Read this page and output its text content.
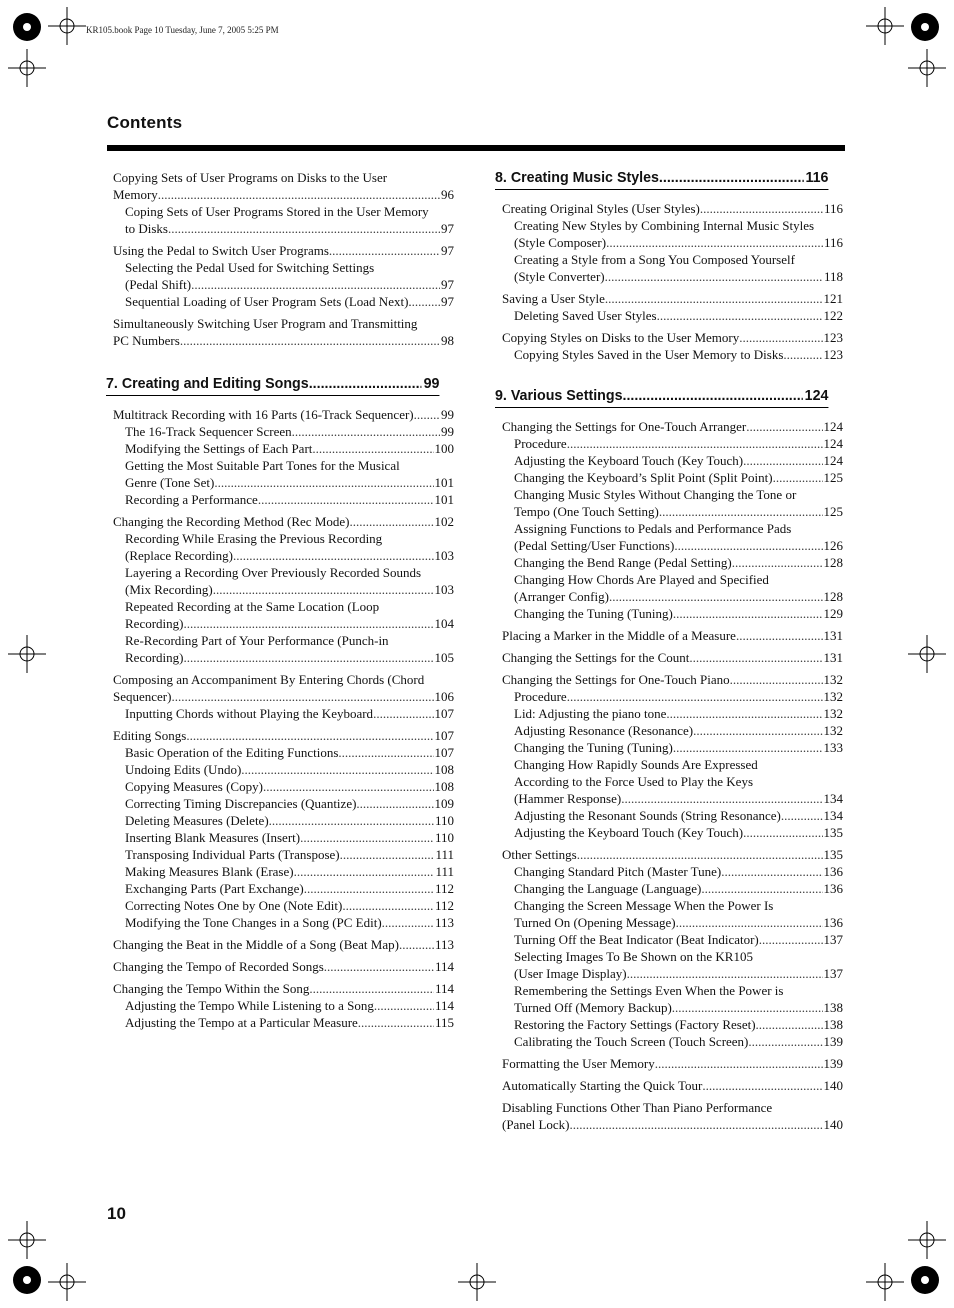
KR105.book Page 10 Tuesday, June 7, 2005 5:25 PM
Contents
Copying Sets of User Programs on Disks to the User
Memory .....	96
Coping Sets of User Programs Stored in the User Memory
to Disks .....	97
Using the Pedal to Switch User Programs .....	97
Selecting the Pedal Used for Switching Settings
(Pedal Shift) .....	97
Sequential Loading of User Program Sets (Load Next). ..... 97
Simultaneously Switching User Program and Transmitting
PC Numbers .....	98
7. Creating and Editing Songs .....	99
Multitrack Recording with 16 Parts (16-Track Sequencer) ..... 99
The 16-Track Sequencer Screen .....	99
Modifying the Settings of Each Part .....	100
Getting the Most Suitable Part Tones for the Musical
Genre (Tone Set) .....	101
Recording a Performance .....	101
Changing the Recording Method (Rec Mode) .....	102
Recording While Erasing the Previous Recording
(Replace Recording) .....	103
Layering a Recording Over Previously Recorded Sounds
(Mix Recording) .....	103
Repeated Recording at the Same Location (Loop
Recording) .....	104
Re-Recording Part of Your Performance (Punch-in
Recording) .....	105
Composing an Accompaniment By Entering Chords (Chord
Sequencer) .....	106
Inputting Chords without Playing the Keyboard .....	107
Editing Songs .....	107
Basic Operation of the Editing Functions .....	107
Undoing Edits (Undo) .....	108
Copying Measures (Copy) .....	108
Correcting Timing Discrepancies (Quantize) .....	109
Deleting Measures (Delete) .....	110
Inserting Blank Measures (Insert) .....	110
Transposing Individual Parts (Transpose) .....	111
Making Measures Blank (Erase) .....	111
Exchanging Parts (Part Exchange) .....	112
Correcting Notes One by One (Note Edit) .....	112
Modifying the Tone Changes in a Song (PC Edit) .....	113
Changing the Beat in the Middle of a Song (Beat Map) .....	113
Changing the Tempo of Recorded Songs .....	114
Changing the Tempo Within the Song .....	114
Adjusting the Tempo While Listening to a Song .....	114
Adjusting the Tempo at a Particular Measure .....	115
8. Creating Music Styles .....	116
Creating Original Styles (User Styles) .....	116
Creating New Styles by Combining Internal Music Styles
(Style Composer) .....	116
Creating a Style from a Song You Composed Yourself
(Style Converter) .....	118
Saving a User Style .....	121
Deleting Saved User Styles .....	122
Copying Styles on Disks to the User Memory .....	123
Copying Styles Saved in the User Memory to Disks .....	123
9. Various Settings .....	124
Changing the Settings for One-Touch Arranger .....	124
Procedure .....	124
Adjusting the Keyboard Touch (Key Touch) .....	124
Changing the Keyboard’s Split Point (Split Point) .....	125
Changing Music Styles Without Changing the Tone or
Tempo (One Touch Setting) .....	125
Assigning Functions to Pedals and Performance Pads
(Pedal Setting/User Functions) .....	126
Changing the Bend Range (Pedal Setting) .....	128
Changing How Chords Are Played and Specified
(Arranger Config) .....	128
Changing the Tuning (Tuning) .....	129
Placing a Marker in the Middle of a Measure .....	131
Changing the Settings for the Count .....	131
Changing the Settings for One-Touch Piano .....	132
Procedure .....	132
Lid: Adjusting the piano tone .....	132
Adjusting Resonance (Resonance) .....	132
Changing the Tuning (Tuning) .....	133
Changing How Rapidly Sounds Are Expressed
According to the Force Used to Play the Keys
(Hammer Response) .....	134
Adjusting the Resonant Sounds (String Resonance) .....	134
Adjusting the Keyboard Touch (Key Touch) .....	135
Other Settings .....	135
Changing Standard Pitch (Master Tune) .....	136
Changing the Language (Language) .....	136
Changing the Screen Message When the Power Is
Turned On (Opening Message) .....	136
Turning Off the Beat Indicator (Beat Indicator) .....	137
Selecting Images To Be Shown on the KR105
(User Image Display) .....	137
Remembering the Settings Even When the Power is
Turned Off (Memory Backup) .....	138
Restoring the Factory Settings (Factory Reset) .....	138
Calibrating the Touch Screen (Touch Screen) .....	139
Formatting the User Memory .....	139
Automatically Starting the Quick Tour .....	140
Disabling Functions Other Than Piano Performance
(Panel Lock) .....	140
10
